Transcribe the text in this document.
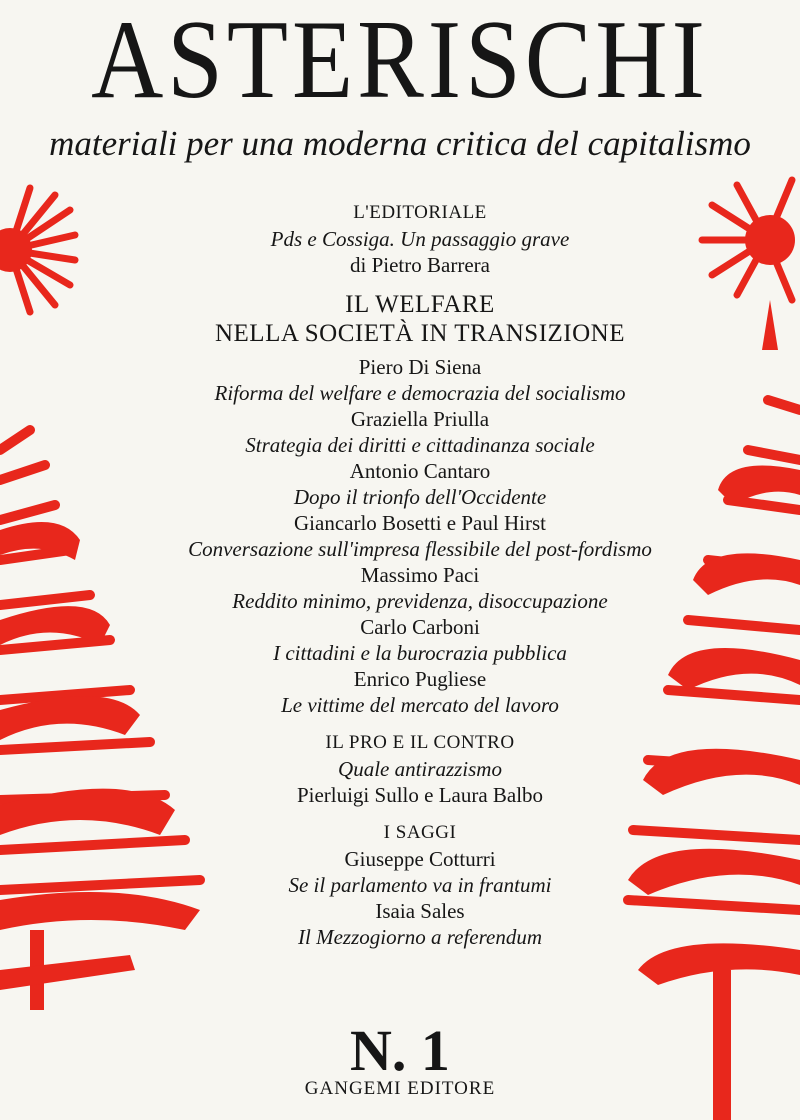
ASTERISCHI
materiali per una moderna critica del capitalismo
L'EDITORIALE
Pds e Cossiga. Un passaggio grave
di Pietro Barrera
IL WELFARE
NELLA SOCIETÀ IN TRANSIZIONE
Piero Di Siena
Riforma del welfare e democrazia del socialismo
Graziella Priulla
Strategia dei diritti e cittadinanza sociale
Antonio Cantaro
Dopo il trionfo dell'Occidente
Giancarlo Bosetti e Paul Hirst
Conversazione sull'impresa flessibile del post-fordismo
Massimo Paci
Reddito minimo, previdenza, disoccupazione
Carlo Carboni
I cittadini e la burocrazia pubblica
Enrico Pugliese
Le vittime del mercato del lavoro
IL PRO E IL CONTRO
Quale antirazzismo
Pierluigi Sullo e Laura Balbo
I SAGGI
Giuseppe Cotturri
Se il parlamento va in frantumi
Isaia Sales
Il Mezzogiorno a referendum
N. 1
GANGEMI EDITORE
